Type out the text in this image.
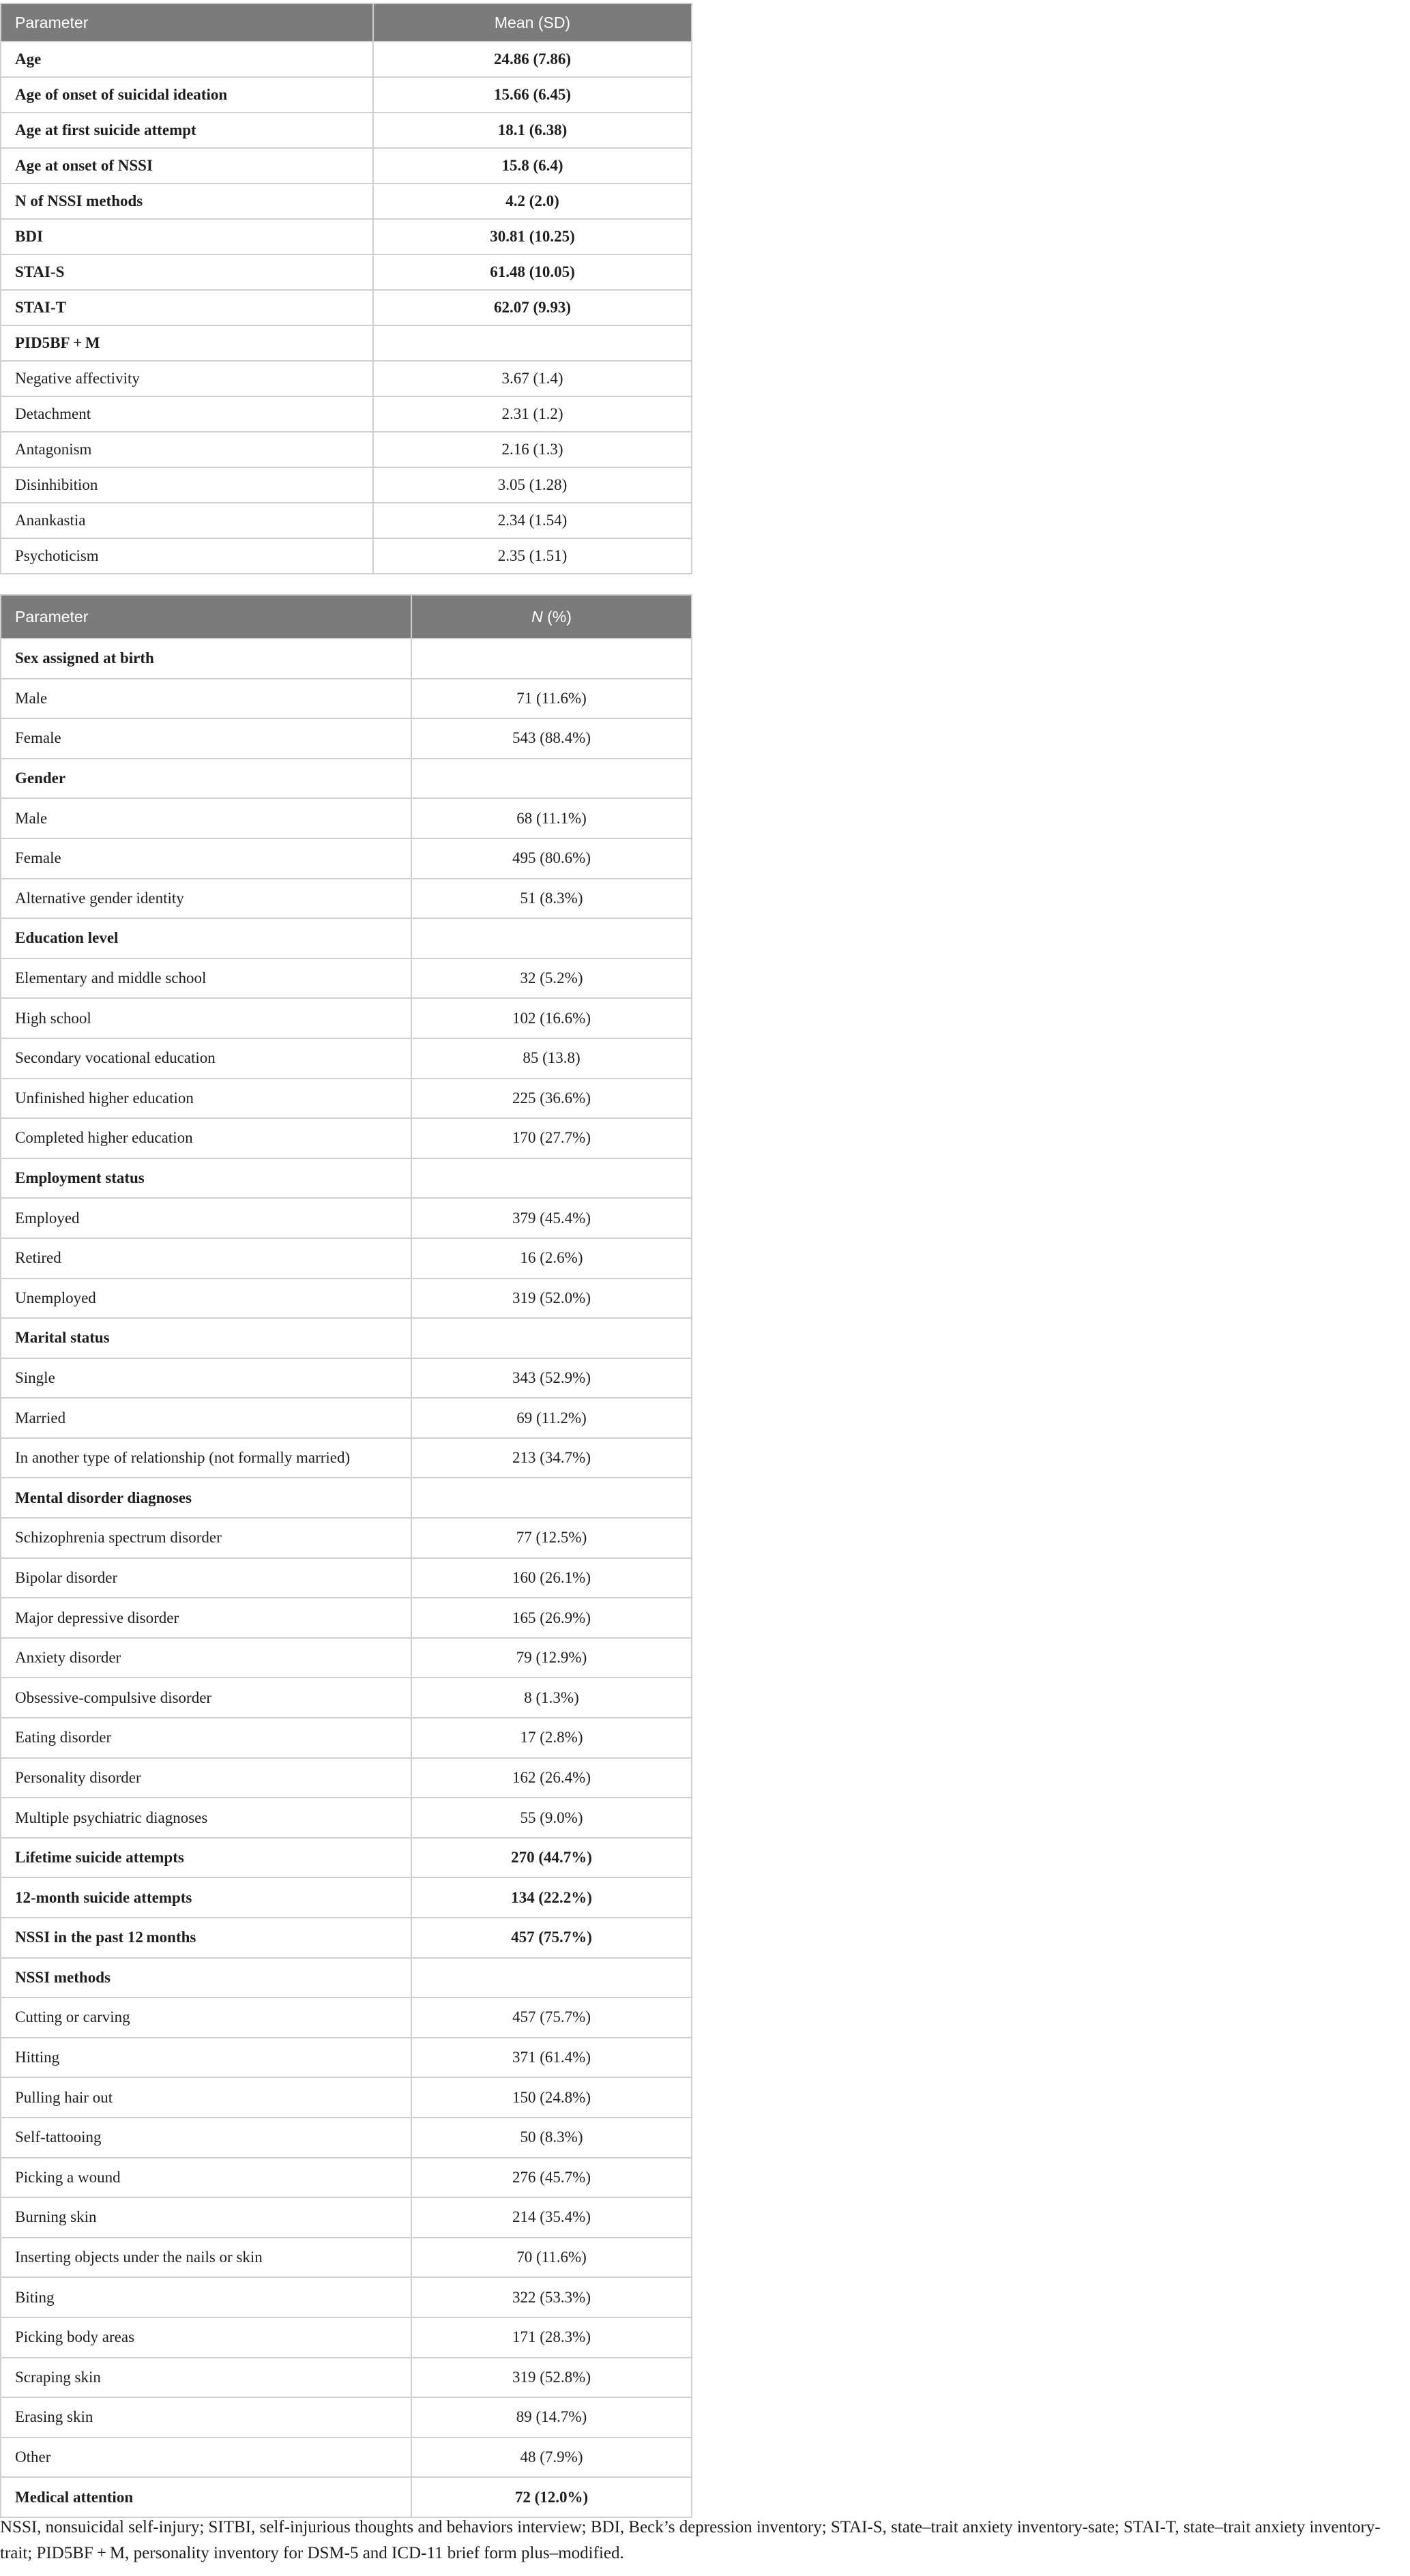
Parameter	Mean (SD)
Age	24.86 (7.86)
Age of onset of suicidal ideation	15.66 (6.45)
Age at first suicide attempt	18.1 (6.38)
Age at onset of NSSI	15.8 (6.4)
N of NSSI methods	4.2 (2.0)
BDI	30.81 (10.25)
STAI-S	61.48 (10.05)
STAI-T	62.07 (9.93)
PID5BF + M	
Negative affectivity	3.67 (1.4)
Detachment	2.31 (1.2)
Antagonism	2.16 (1.3)
Disinhibition	3.05 (1.28)
Anankastia	2.34 (1.54)
Psychoticism	2.35 (1.51)
Parameter	N (%)
Sex assigned at birth	
Male	71 (11.6%)
Female	543 (88.4%)
Gender	
Male	68 (11.1%)
Female	495 (80.6%)
Alternative gender identity	51 (8.3%)
Education level	
Elementary and middle school	32 (5.2%)
High school	102 (16.6%)
Secondary vocational education	85 (13.8)
Unfinished higher education	225 (36.6%)
Completed higher education	170 (27.7%)
Employment status	
Employed	379 (45.4%)
Retired	16 (2.6%)
Unemployed	319 (52.0%)
Marital status	
Single	343 (52.9%)
Married	69 (11.2%)
In another type of relationship (not formally married)	213 (34.7%)
Mental disorder diagnoses	
Schizophrenia spectrum disorder	77 (12.5%)
Bipolar disorder	160 (26.1%)
Major depressive disorder	165 (26.9%)
Anxiety disorder	79 (12.9%)
Obsessive-compulsive disorder	8 (1.3%)
Eating disorder	17 (2.8%)
Personality disorder	162 (26.4%)
Multiple psychiatric diagnoses	55 (9.0%)
Lifetime suicide attempts	270 (44.7%)
12-month suicide attempts	134 (22.2%)
NSSI in the past 12 months	457 (75.7%)
NSSI methods	
Cutting or carving	457 (75.7%)
Hitting	371 (61.4%)
Pulling hair out	150 (24.8%)
Self-tattooing	50 (8.3%)
Picking a wound	276 (45.7%)
Burning skin	214 (35.4%)
Inserting objects under the nails or skin	70 (11.6%)
Biting	322 (53.3%)
Picking body areas	171 (28.3%)
Scraping skin	319 (52.8%)
Erasing skin	89 (14.7%)
Other	48 (7.9%)
Medical attention	72 (12.0%)
NSSI, nonsuicidal self-injury; SITBI, self-injurious thoughts and behaviors interview; BDI, Beck’s depression inventory; STAI-S, state–trait anxiety inventory-sate; STAI-T, state–trait anxiety inventory-trait; PID5BF + M, personality inventory for DSM-5 and ICD-11 brief form plus–modified.
